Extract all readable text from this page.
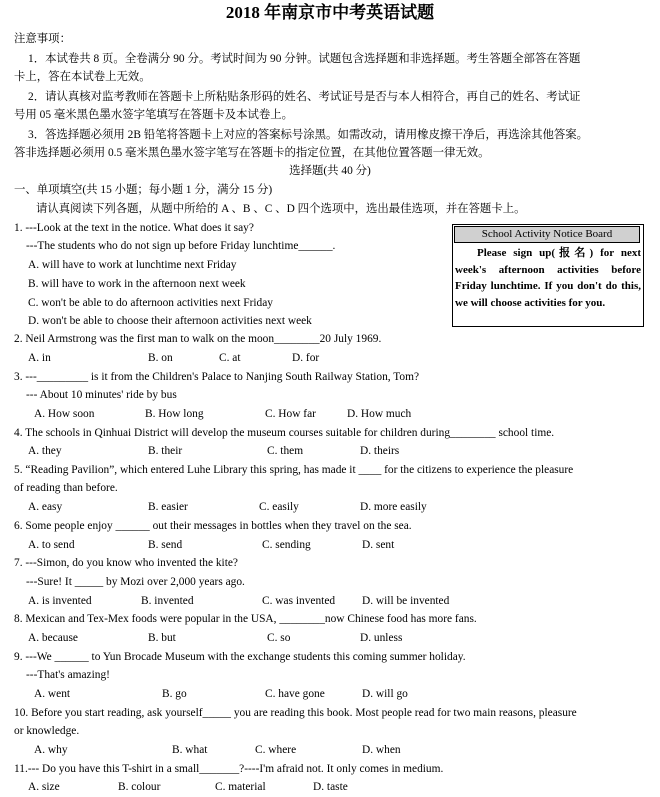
2018 年南京市中考英语试题
注意事项：
1．本试卷共 8 页。全卷满分 90 分。考试时间为 90 分钟。试题包含选择题和非选择题。考生答题全部答在答题
卡上，答在本试卷上无效。
2．请认真核对监考教师在答题卡上所粘贴条形码的姓名、考试证号是否与本人相符合，再自己的姓名、考试证
号用 05 毫米黑色墨水签字笔填写在答题卡及本试卷上。
3．答选择题必须用 2B 铅笔将答题卡上对应的答案标号涂黑。如需改动，请用橡皮擦干净后，再选涂其他答案。
答非选择题必须用 0.5 毫米黑色墨水签字笔写在答题卡的指定位置，在其他位置答题一律无效。
选择题(共 40 分)
一、单项填空(共 15 小题；每小题 1 分，满分 15 分)
请认真阅读下列各题，从题中所给的 A 、B 、C 、D 四个选项中，选出最佳选项，并在答题卡上。
School Activity Notice Board
Please sign up(报名) for next week's afternoon activities before Friday lunchtime. If you don't do this, we will choose activities for you.
1. ---Look at the text in the notice. What does it say?
---The students who do not sign up before Friday lunchtime______.
A. will have to work at lunchtime next Friday
B. will have to work in the afternoon next week
C. won't be able to do afternoon activities next Friday
D. won't be able to choose their afternoon activities next week
2. Neil Armstrong was the first man to walk on the moon________20 July 1969.
A. in	B. on	C. at	D. for
3. ---_________ is it from the Children's Palace to Nanjing South Railway Station, Tom?
--- About 10 minutes' ride by bus
A. How soon	B. How long	C. How far	D. How much
4. The schools in Qinhuai District will develop the museum courses suitable for children during________ school time.
A. they	B. their	C. them	D. theirs
5. “Reading Pavilion”, which entered Luhe Library this spring, has made it ____ for the citizens to experience the pleasure
of reading than before.
A. easy	B. easier	C. easily	D. more easily
6. Some people enjoy ______ out their messages in bottles when they travel on the sea.
A. to send	B. send	C. sending	D. sent
7. ---Simon, do you know who invented the kite?
---Sure! It _____ by Mozi over 2,000 years ago.
A. is invented	B. invented	C. was invented D. will be invented
8. Mexican and Tex-Mex foods were popular in the USA, ________now Chinese food has more fans.
A. because	B. but	C. so	D. unless
9. ---We ______ to Yun Brocade Museum with the exchange students this coming summer holiday.
---That's amazing!
A. went	B. go	C. have gone	D. will go
10. Before you start reading, ask yourself_____ you are reading this book. Most people read for two main reasons, pleasure
or knowledge.
A. why	B. what	C. where	D. when
11.--- Do you have this T-shirt in a small_______?----I'm afraid not. It only comes in medium.
A. size	B. colour	C. material	D. taste
